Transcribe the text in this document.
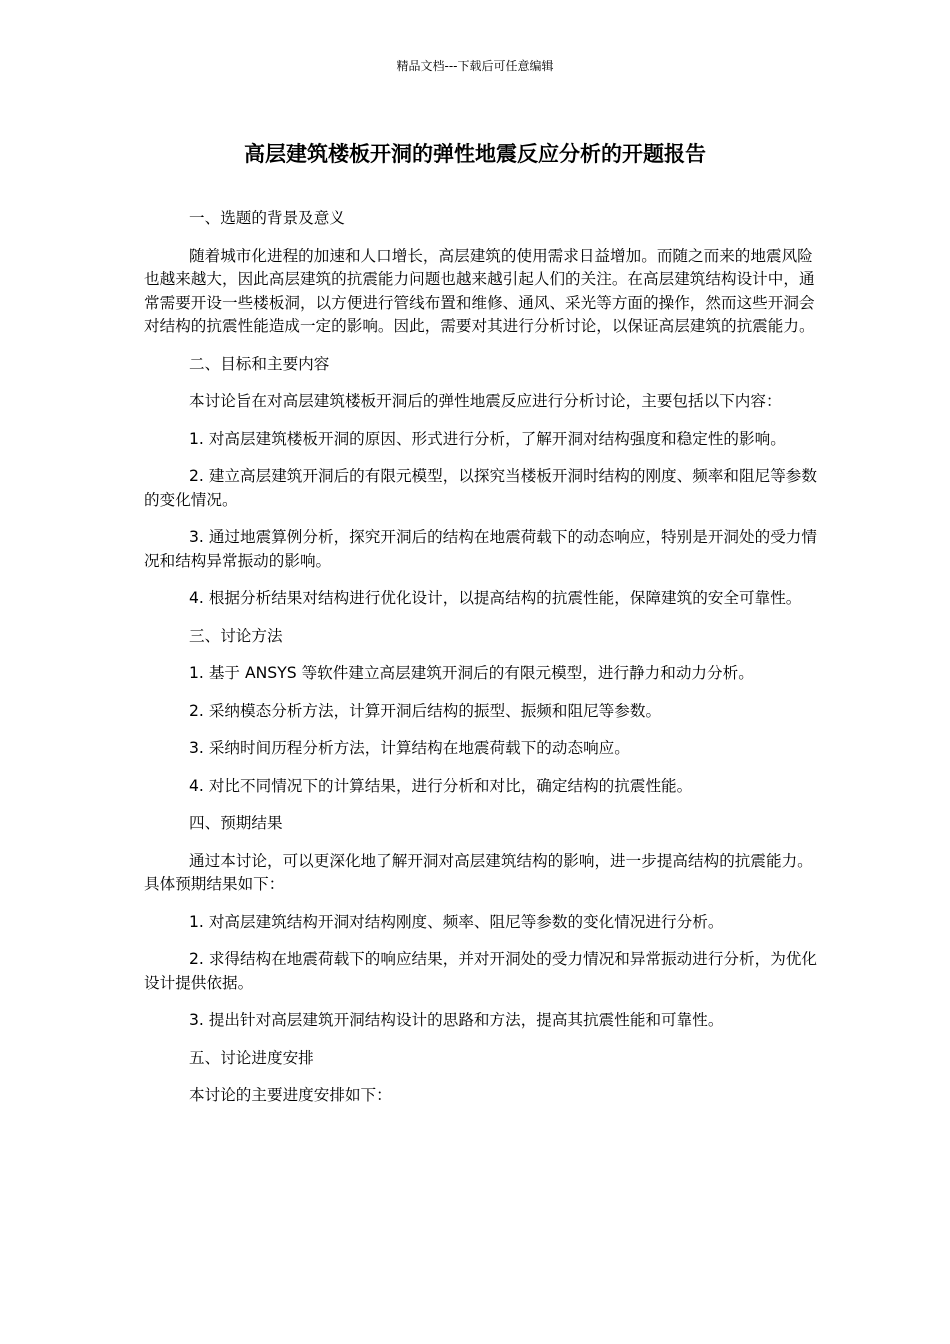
精品文档---下载后可任意编辑
高层建筑楼板开洞的弹性地震反应分析的开题报告

一、选题的背景及意义

随着城市化进程的加速和人口增长，高层建筑的使用需求日益增加。而随之而来的地震风险也越来越大，因此高层建筑的抗震能力问题也越来越引起人们的关注。在高层建筑结构设计中，通常需要开设一些楼板洞，以方便进行管线布置和维修、通风、采光等方面的操作，然而这些开洞会对结构的抗震性能造成一定的影响。因此，需要对其进行分析讨论，以保证高层建筑的抗震能力。

二、目标和主要内容

本讨论旨在对高层建筑楼板开洞后的弹性地震反应进行分析讨论，主要包括以下内容：

1. 对高层建筑楼板开洞的原因、形式进行分析，了解开洞对结构强度和稳定性的影响。

2. 建立高层建筑开洞后的有限元模型，以探究当楼板开洞时结构的刚度、频率和阻尼等参数的变化情况。

3. 通过地震算例分析，探究开洞后的结构在地震荷载下的动态响应，特别是开洞处的受力情况和结构异常振动的影响。

4. 根据分析结果对结构进行优化设计，以提高结构的抗震性能，保障建筑的安全可靠性。

三、讨论方法

1. 基于 ANSYS 等软件建立高层建筑开洞后的有限元模型，进行静力和动力分析。

2. 采纳模态分析方法，计算开洞后结构的振型、振频和阻尼等参数。

3. 采纳时间历程分析方法，计算结构在地震荷载下的动态响应。

4. 对比不同情况下的计算结果，进行分析和对比，确定结构的抗震性能。

四、预期结果

通过本讨论，可以更深化地了解开洞对高层建筑结构的影响，进一步提高结构的抗震能力。具体预期结果如下：

1. 对高层建筑结构开洞对结构刚度、频率、阻尼等参数的变化情况进行分析。

2. 求得结构在地震荷载下的响应结果，并对开洞处的受力情况和异常振动进行分析，为优化设计提供依据。

3. 提出针对高层建筑开洞结构设计的思路和方法，提高其抗震性能和可靠性。

五、讨论进度安排

本讨论的主要进度安排如下：
